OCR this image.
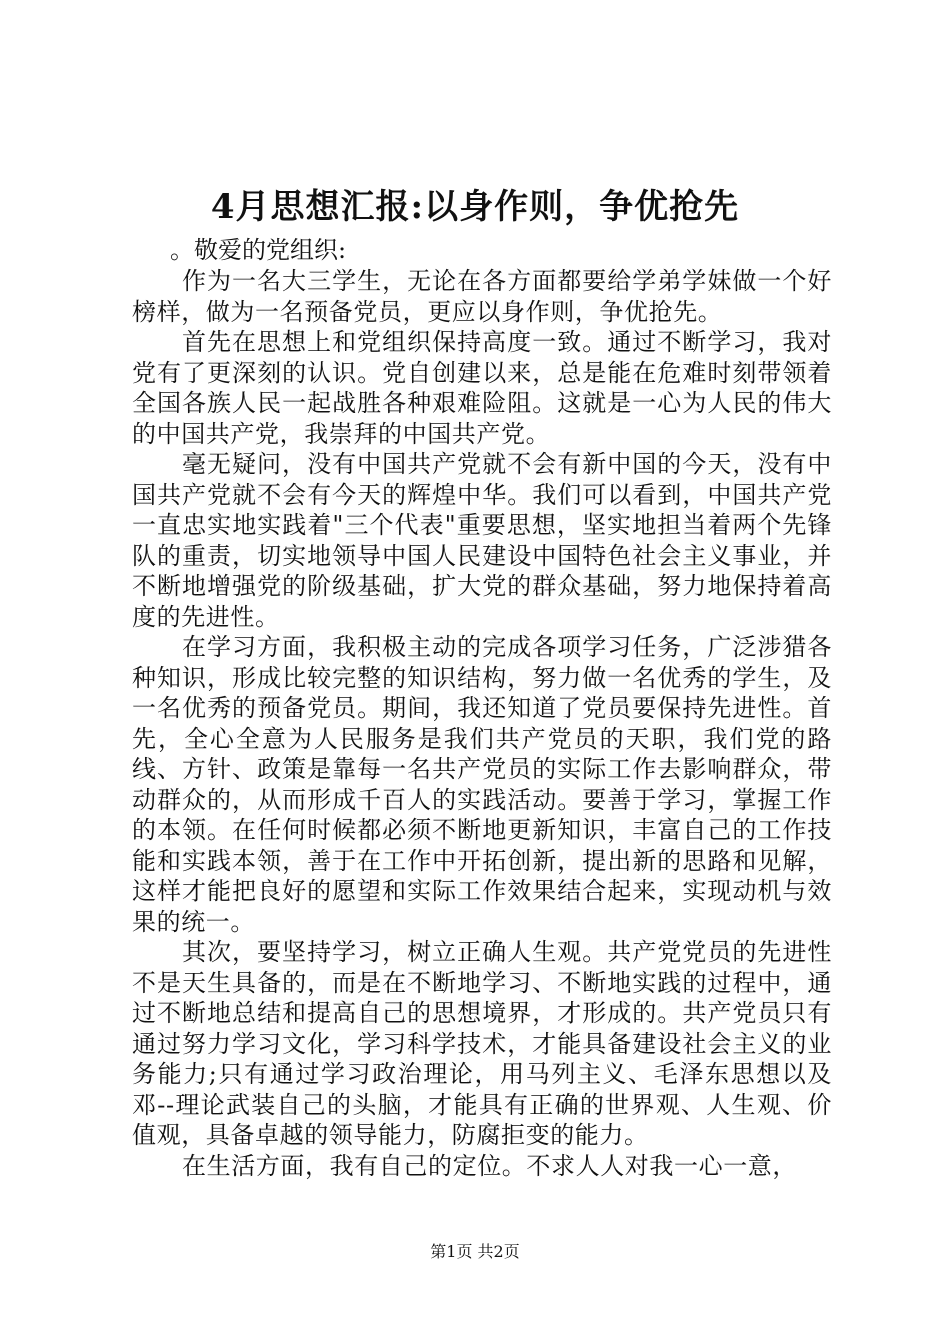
4月思想汇报:以身作则，争优抢先

。敬爱的党组织:

作为一名大三学生，无论在各方面都要给学弟学妹做一个好榜样，做为一名预备党员，更应以身作则，争优抢先。

首先在思想上和党组织保持高度一致。通过不断学习，我对党有了更深刻的认识。党自创建以来，总是能在危难时刻带领着全国各族人民一起战胜各种艰难险阻。这就是一心为人民的伟大的中国共产党，我崇拜的中国共产党。

毫无疑问，没有中国共产党就不会有新中国的今天，没有中国共产党就不会有今天的辉煌中华。我们可以看到，中国共产党一直忠实地实践着"三个代表"重要思想，坚实地担当着两个先锋队的重责，切实地领导中国人民建设中国特色社会主义事业，并不断地增强党的阶级基础，扩大党的群众基础，努力地保持着高度的先进性。

在学习方面，我积极主动的完成各项学习任务，广泛涉猎各种知识，形成比较完整的知识结构，努力做一名优秀的学生，及一名优秀的预备党员。期间，我还知道了党员要保持先进性。首先，全心全意为人民服务是我们共产党员的天职，我们党的路线、方针、政策是靠每一名共产党员的实际工作去影响群众，带动群众的，从而形成千百人的实践活动。要善于学习，掌握工作的本领。在任何时候都必须不断地更新知识，丰富自己的工作技能和实践本领，善于在工作中开拓创新，提出新的思路和见解，这样才能把良好的愿望和实际工作效果结合起来，实现动机与效果的统一。

其次，要坚持学习，树立正确人生观。共产党党员的先进性不是天生具备的，而是在不断地学习、不断地实践的过程中，通过不断地总结和提高自己的思想境界，才形成的。共产党员只有通过努力学习文化，学习科学技术，才能具备建设社会主义的业务能力;只有通过学习政治理论，用马列主义、毛泽东思想以及邓--理论武装自己的头脑，才能具有正确的世界观、人生观、价值观，具备卓越的领导能力，防腐拒变的能力。

在生活方面，我有自己的定位。不求人人对我一心一意，

第1页 共2页
